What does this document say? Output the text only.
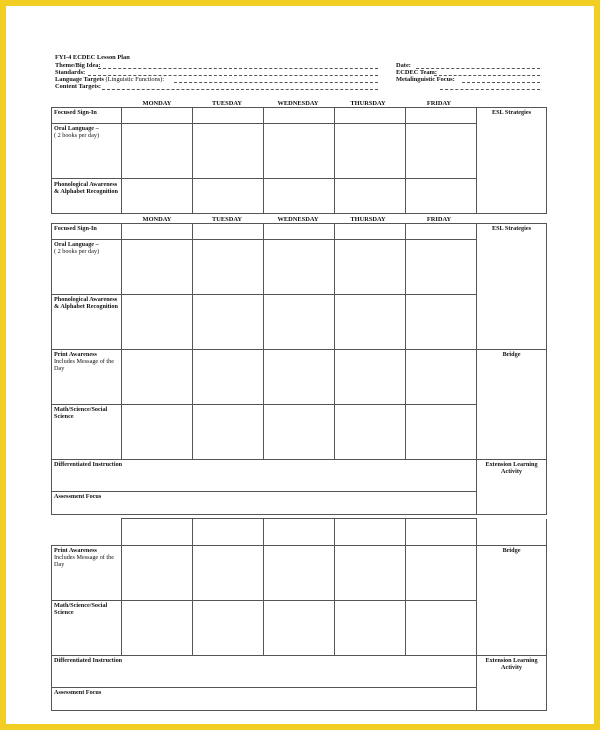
FYI-4 ECDEC Lesson Plan
Theme/Big Idea:
Standards:
Language Targets (Linguistic Functions):
Content Targets:
Date:
ECDEC Team:
Metalinguistic Focus:
MONDAY	TUESDAY	WEDNESDAY	THURSDAY	FRIDAY
Focused Sign-In						ESL Strategies
Oral Language –
( 2 books per day)						
Phonological Awareness & Alphabet Recognition						
MONDAY	TUESDAY	WEDNESDAY	THURSDAY	FRIDAY
Focused Sign-In						ESL Strategies
Oral Language –
( 2 books per day)						
Phonological Awareness & Alphabet Recognition						
Print Awareness
Includes Message of the Day						Bridge
Math/Science/Social Science						
Differentiated Instruction						Extension Learning Activity
Assessment Focus						

Print Awareness
Includes Message of the Day						Bridge
Math/Science/Social Science						
Differentiated Instruction						Extension Learning Activity
Assessment Focus						
